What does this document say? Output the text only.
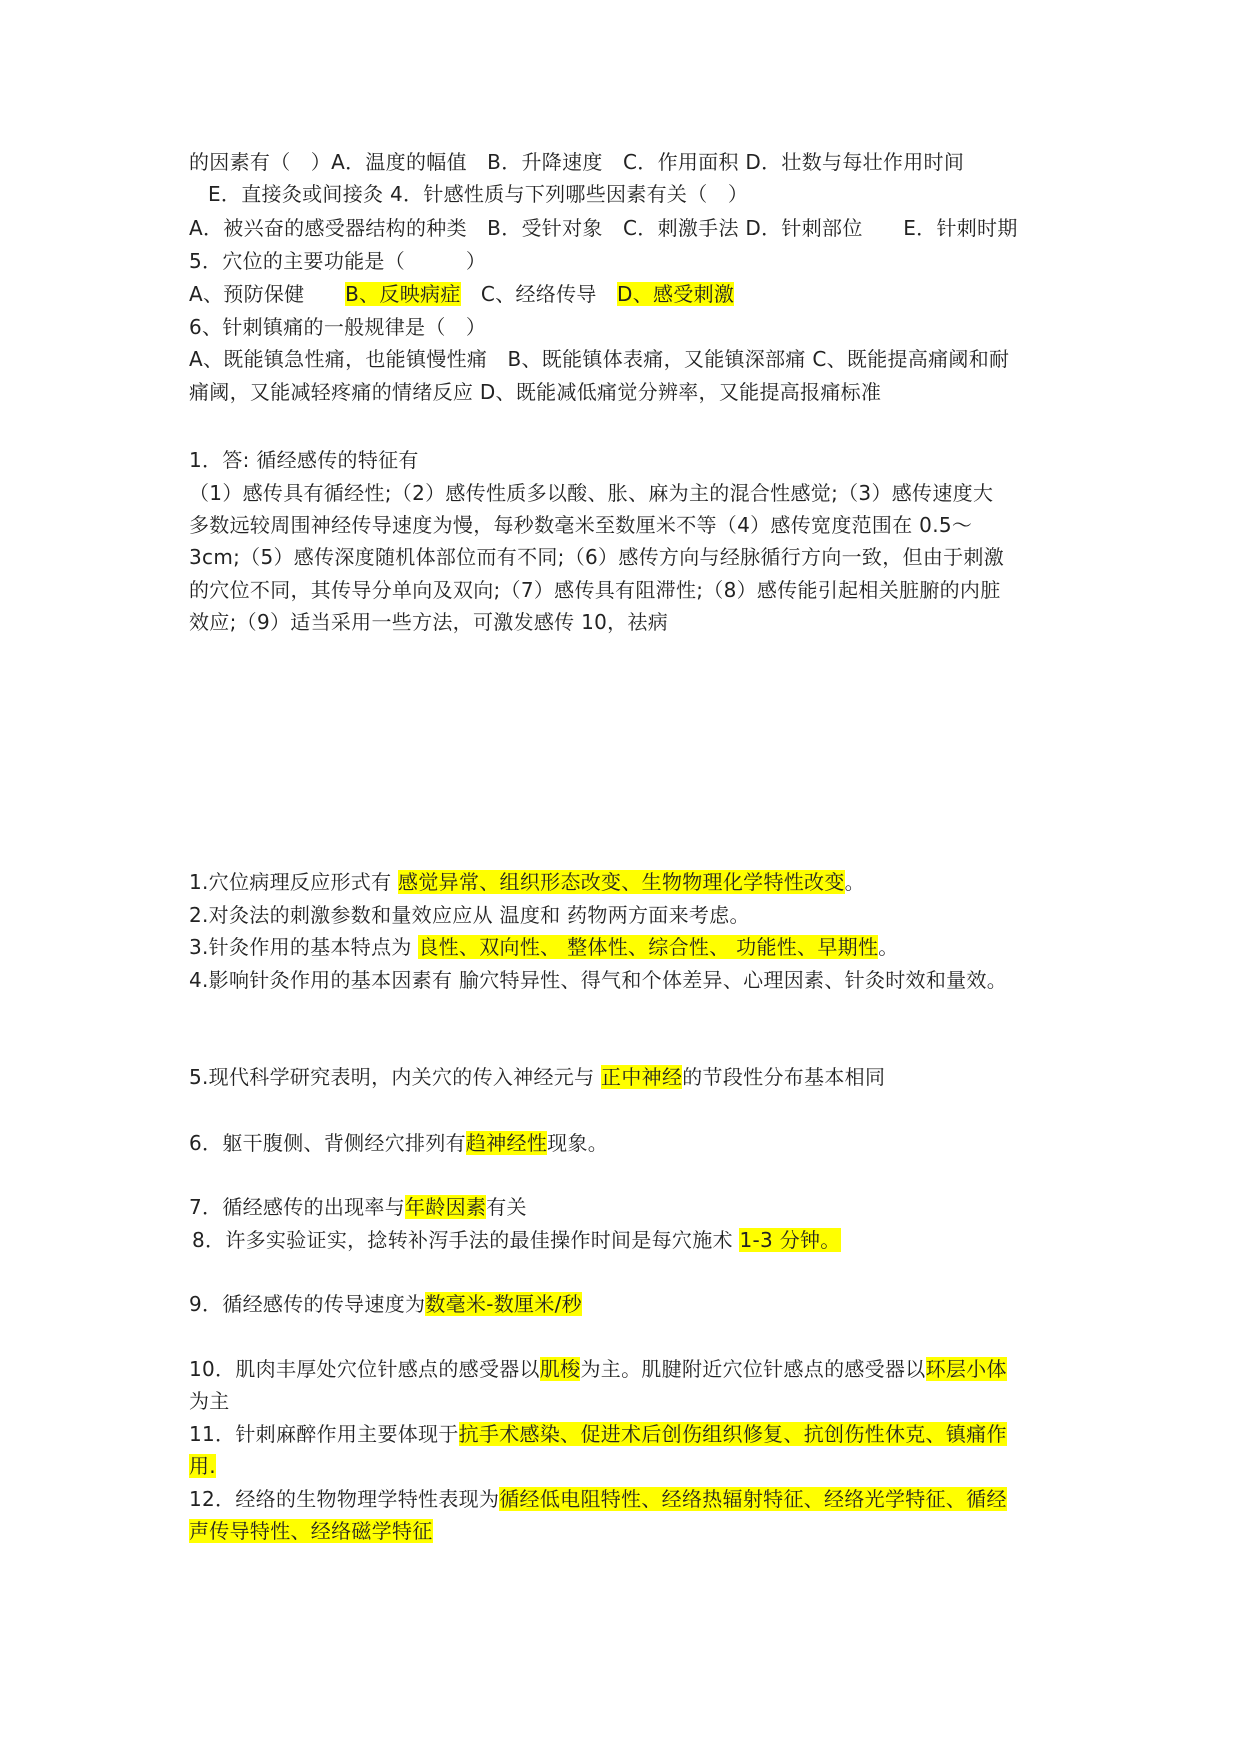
的因素有（　）A．温度的幅值　B．升降速度　C．作用面积 D．壮数与每壮作用时间
E．直接灸或间接灸 4．针感性质与下列哪些因素有关（　）
A．被兴奋的感受器结构的种类　B．受针对象　C．刺激手法 D．针刺部位　　E．针刺时期
5．穴位的主要功能是（　　　）
A、预防保健　　B、反映病症　C、经络传导　D、感受刺激
6、针刺镇痛的一般规律是（　）
A、既能镇急性痛，也能镇慢性痛　B、既能镇体表痛，又能镇深部痛 C、既能提高痛阈和耐
痛阈，又能减轻疼痛的情绪反应 D、既能减低痛觉分辨率，又能提高报痛标准
1．答: 循经感传的特征有
（1）感传具有循经性;（2）感传性质多以酸、胀、麻为主的混合性感觉;（3）感传速度大
多数远较周围神经传导速度为慢，每秒数毫米至数厘米不等（4）感传宽度范围在 0.5～
3cm;（5）感传深度随机体部位而有不同;（6）感传方向与经脉循行方向一致，但由于刺激
的穴位不同，其传导分单向及双向;（7）感传具有阻滞性;（8）感传能引起相关脏腑的内脏
效应;（9）适当采用一些方法，可激发感传 10，祛病
1.穴位病理反应形式有 感觉异常、组织形态改变、生物物理化学特性改变。
2.对灸法的刺激参数和量效应应从 温度和 药物两方面来考虑。
3.针灸作用的基本特点为 良性、双向性、 整体性、综合性、 功能性、早期性。
4.影响针灸作用的基本因素有 腧穴特异性、得气和个体差异、心理因素、针灸时效和量效。
5.现代科学研究表明，内关穴的传入神经元与 正中神经的节段性分布基本相同
6．躯干腹侧、背侧经穴排列有趋神经性现象。
7．循经感传的出现率与年龄因素有关
8．许多实验证实，捻转补泻手法的最佳操作时间是每穴施术 1-3 分钟。
9．循经感传的传导速度为数毫米-数厘米/秒
10．肌肉丰厚处穴位针感点的感受器以肌梭为主。肌腱附近穴位针感点的感受器以环层小体
为主
11．针刺麻醉作用主要体现于抗手术感染、促进术后创伤组织修复、抗创伤性休克、镇痛作
用.
12．经络的生物物理学特性表现为循经低电阻特性、经络热辐射特征、经络光学特征、循经
声传导特性、经络磁学特征
